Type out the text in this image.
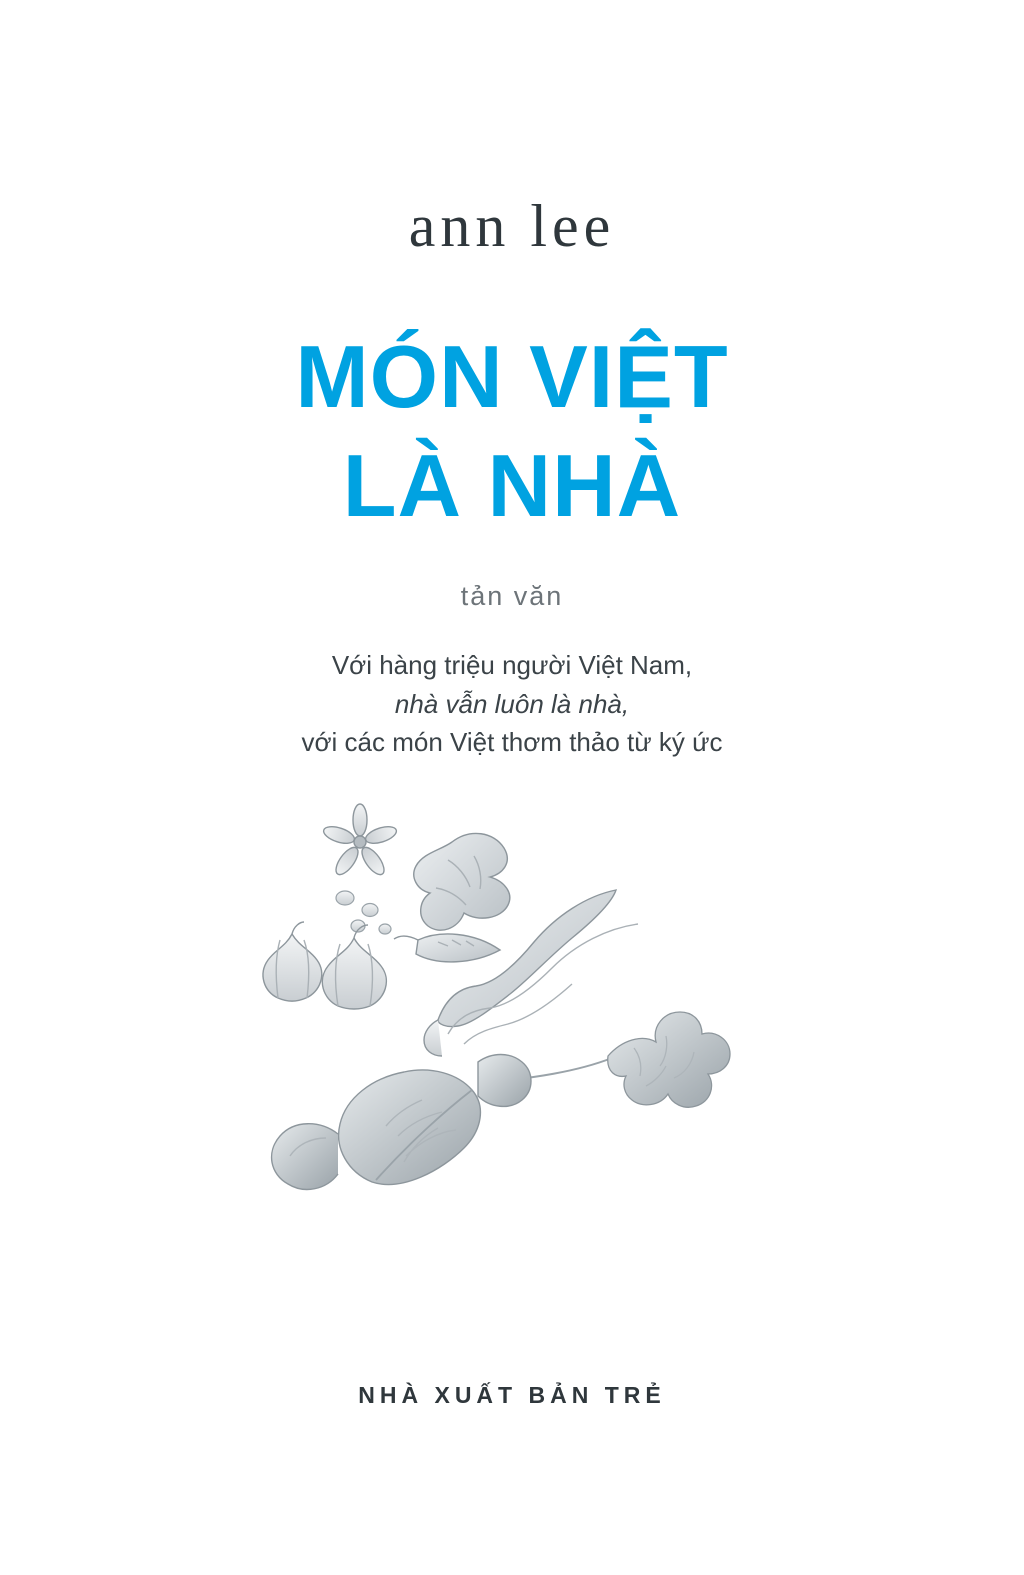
ann lee
MÓN VIỆT
LÀ NHÀ
tản văn
Với hàng triệu người Việt Nam,
nhà vẫn luôn là nhà,
với các món Việt thơm thảo từ ký ức
NHÀ XUẤT BẢN TRẺ
